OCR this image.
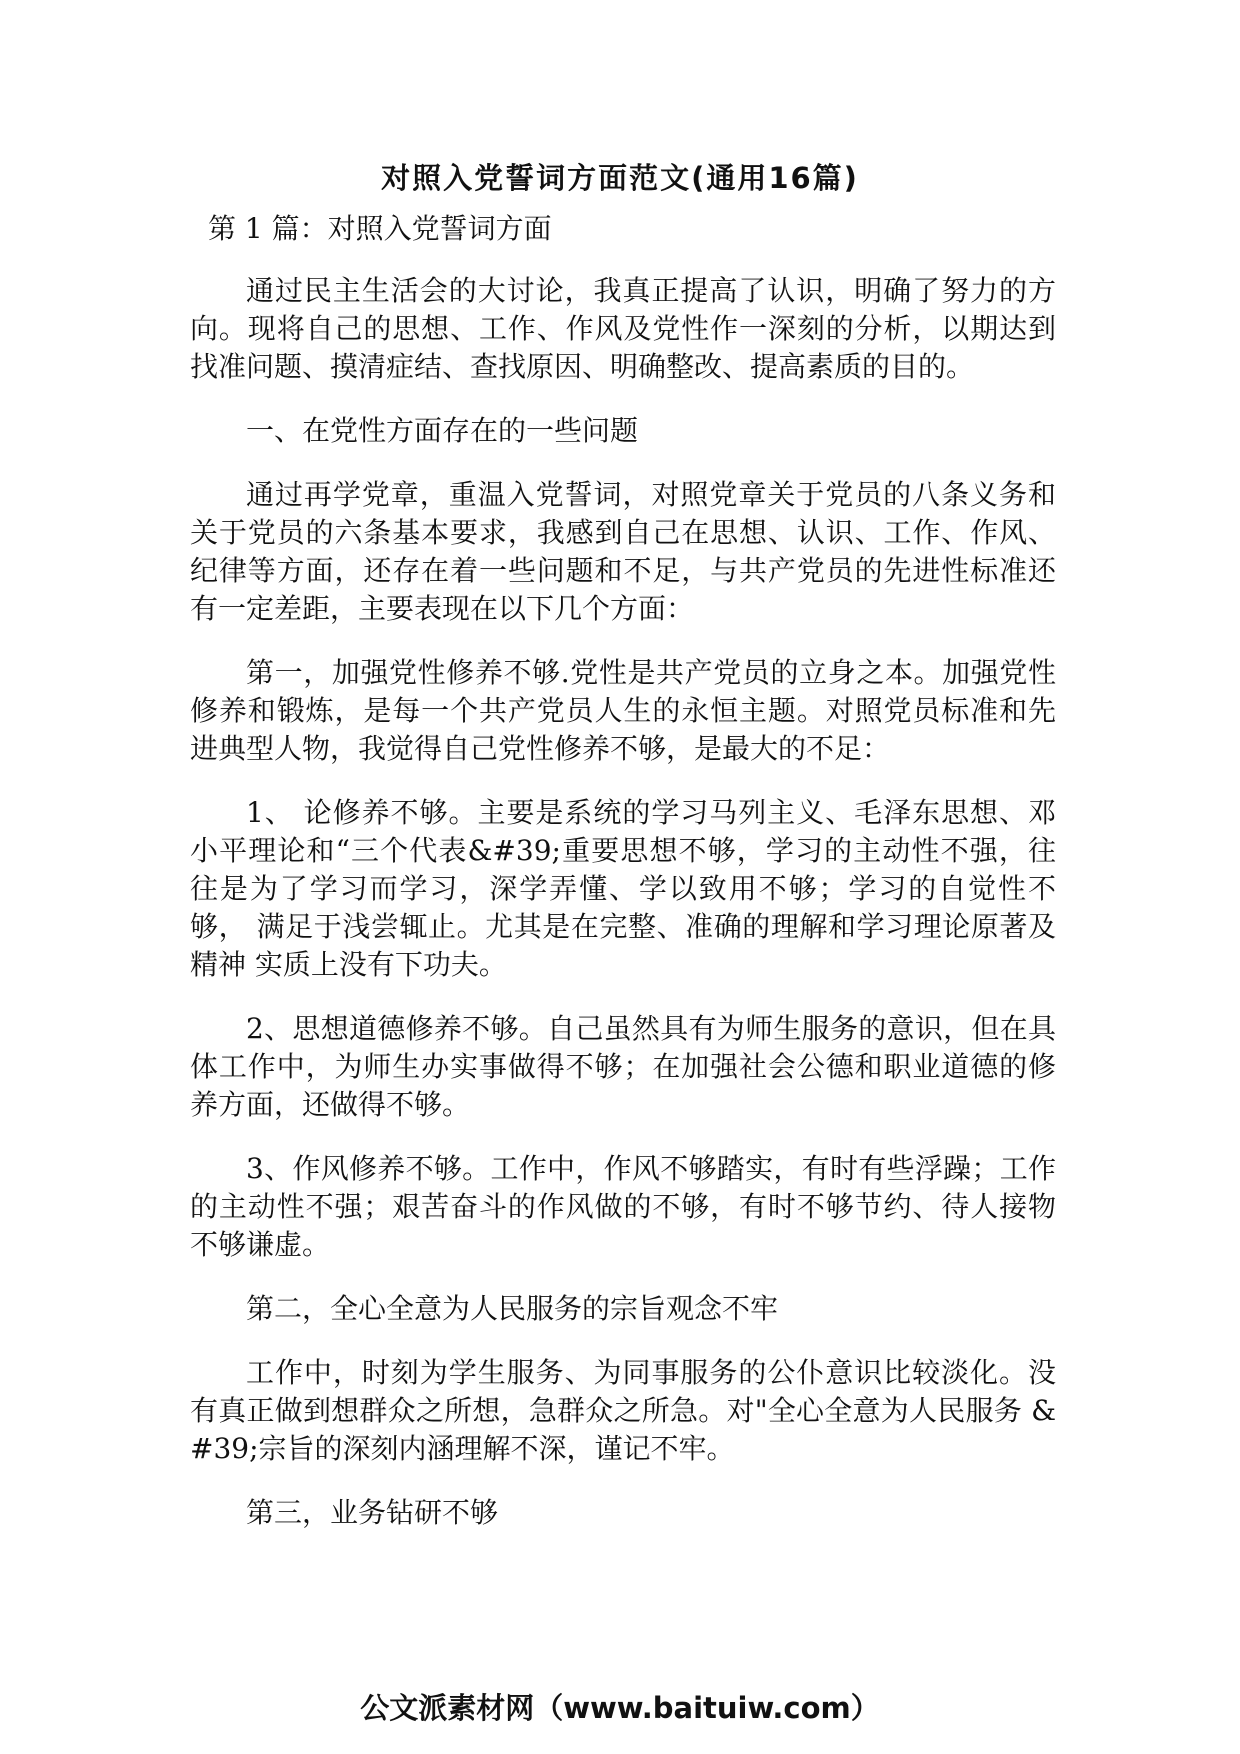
对照入党誓词方面范文(通用16篇)
第 1 篇：对照入党誓词方面

通过民主生活会的大讨论，我真正提高了认识，明确了努力的方向。现将自己的思想、工作、作风及党性作一深刻的分析，以期达到找准问题、摸清症结、查找原因、明确整改、提高素质的目的。

一、在党性方面存在的一些问题

通过再学党章，重温入党誓词，对照党章关于党员的八条义务和关于党员的六条基本要求，我感到自己在思想、认识、工作、作风、纪律等方面，还存在着一些问题和不足，与共产党员的先进性标准还有一定差距，主要表现在以下几个方面：

第一，加强党性修养不够.党性是共产党员的立身之本。加强党性修养和锻炼，是每一个共产党员人生的永恒主题。对照党员标准和先进典型人物，我觉得自己党性修养不够，是最大的不足：

1、 论修养不够。主要是系统的学习马列主义、毛泽东思想、邓 小平理论和“三个代表&#39;重要思想不够，学习的主动性不强，往 往是为了学习而学习，深学弄懂、学以致用不够；学习的自觉性不够， 满足于浅尝辄止。尤其是在完整、准确的理解和学习理论原著及精神 实质上没有下功夫。

2、思想道德修养不够。自己虽然具有为师生服务的意识，但在具体工作中，为师生办实事做得不够；在加强社会公德和职业道德的修养方面，还做得不够。

3、作风修养不够。工作中，作风不够踏实，有时有些浮躁；工作的主动性不强；艰苦奋斗的作风做的不够，有时不够节约、待人接物不够谦虚。

第二，全心全意为人民服务的宗旨观念不牢

工作中，时刻为学生服务、为同事服务的公仆意识比较淡化。没 有真正做到想群众之所想，急群众之所急。对"全心全意为人民服务 &#39;宗旨的深刻内涵理解不深，谨记不牢。

第三，业务钻研不够

公文派素材网（www.baituiw.com）
